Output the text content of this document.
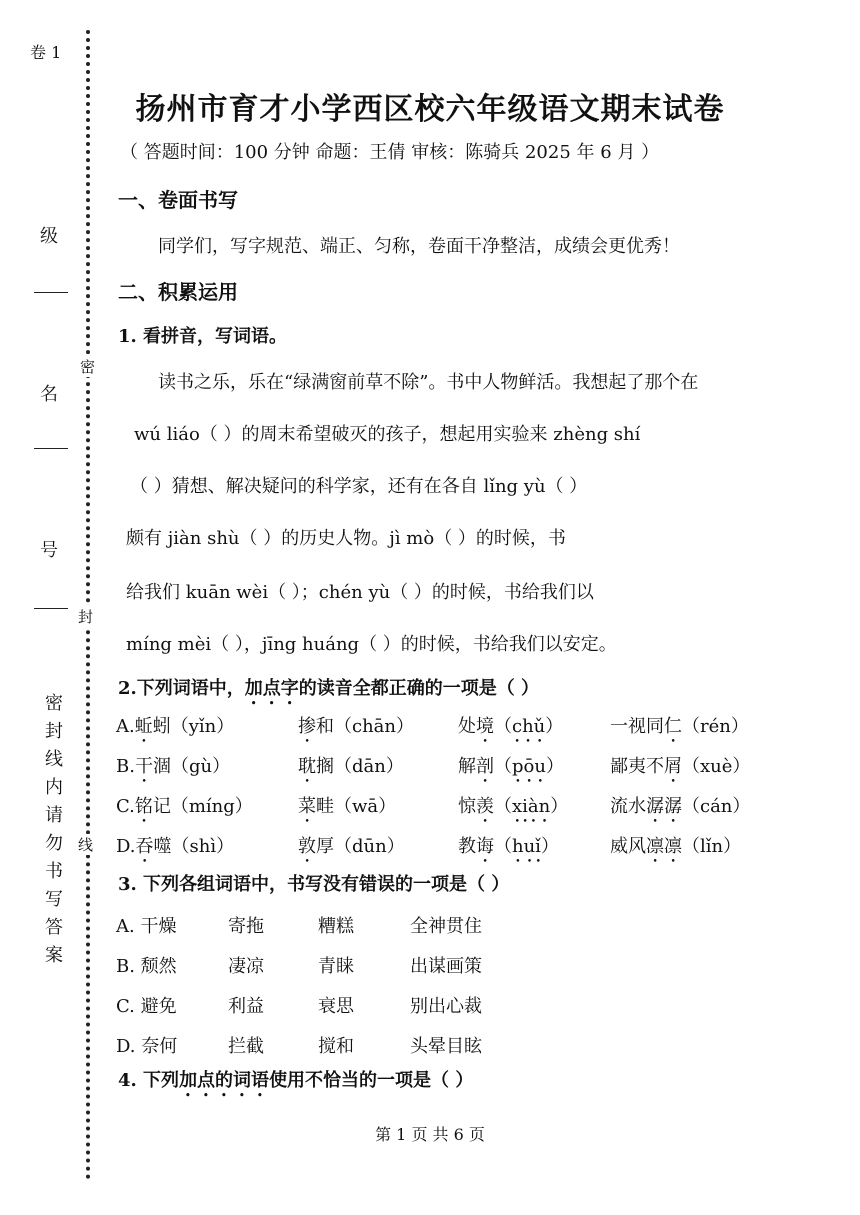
卷 1
级
名
号
密
封
线
密封线内请勿书写答案
扬州市育才小学西区校六年级语文期末试卷
（ 答题时间：100 分钟 命题：王倩 审核：陈骑兵 2025 年 6 月 ）
一、卷面书写
同学们，写字规范、端正、匀称，卷面干净整洁，成绩会更优秀！
二、积累运用
1. 看拼音，写词语。
读书之乐，乐在“绿满窗前草不除”。书中人物鲜活。我想起了那个在
wú liáo（ ）的周末希望破灭的孩子，想起用实验来 zhèng shí
（ ）猜想、解决疑问的科学家，还有在各自 lǐng yù（ ）
颇有 jiàn shù（ ）的历史人物。jì mò（ ）的时候，书
给我们 kuān wèi（ ）；chén yù（ ）的时候，书给我们以
míng mèi（ ），jīng huáng（ ）的时候，书给我们以安定。
2.下列词语中，加点字的读音全都正确的一项是（ ）
A.蚯蚓（yǐn）	掺和（chān） 处境（chǔ）	一视同仁（rén）
B.干涸（gù）	耽搁（dān）	解剖（pōu）	鄙夷不屑（xuè）
C.铭记（míng）	菜畦（wā）	惊羡（xiàn） 流水潺潺（cán）
D.吞噬（shì）	敦厚（dūn）	教诲（huǐ）	威风凛凛（lǐn）
3. 下列各组词语中，书写没有错误的一项是（ ）
A. 干燥	寄拖	糟糕	全神贯住
B. 颓然	凄凉	青睐	出谋画策
C. 避免	利益	衰思	别出心裁
D. 奈何	拦截	搅和	头晕目眩
4. 下列加点的词语使用不恰当的一项是（ ）
第 1 页 共 6 页
